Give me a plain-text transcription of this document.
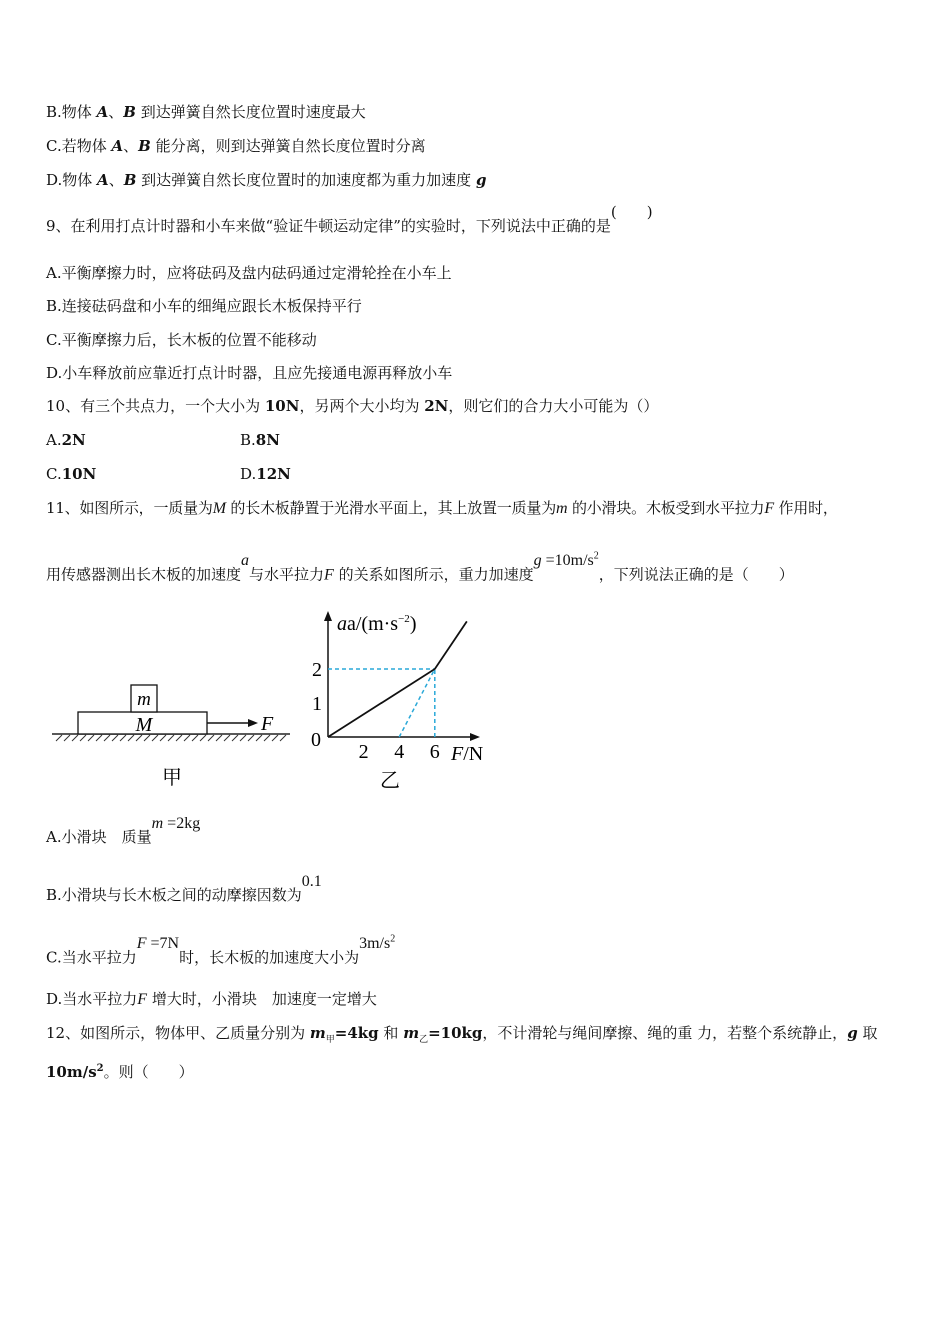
B.物体 A、B 到达弹簧自然长度位置时速度最大
C.若物体 A、B 能分离，则到达弹簧自然长度位置时分离
D.物体 A、B 到达弹簧自然长度位置时的加速度都为重力加速度 g
9、在利用打点计时器和小车来做“验证牛顿运动定律”的实验时，下列说法中正确的是(　　)
A.平衡摩擦力时，应将砝码及盘内砝码通过定滑轮拴在小车上
B.连接砝码盘和小车的细绳应跟长木板保持平行
C.平衡摩擦力后，长木板的位置不能移动
D.小车释放前应靠近打点计时器，且应先接通电源再释放小车
10、有三个共点力，一个大小为 10N，另两个大小均为 2N，则它们的合力大小可能为（）
A.2N	B.8N
C.10N	D.12N
11、如图所示，一质量为M 的长木板静置于光滑水平面上，其上放置一质量为m 的小滑块。木板受到水平拉力F 作用时，
用传感器测出长木板的加速度a与水平拉力F 的关系如图所示，重力加速度$g =10m/s^2$，下列说法正确的是（　　）
m
M	F
甲
$aa/(m\cdot s^{-2})$
F/N
0
2 4 6
1
2
乙
A.小滑块　质量m =2kg
B.小滑块与长木板之间的动摩擦因数为0.1
C.当水平拉力F =7N时，长木板的加速度大小为$3m/s^2$
D.当水平拉力F 增大时，小滑块　加速度一定增大
12、如图所示，物体甲、乙质量分别为 $m_甲=4kg$ 和 $m_乙=10kg$，不计滑轮与绳间摩擦、绳的重 力，若整个系统静止，g 取
$10m/s^2$。则（　　）
